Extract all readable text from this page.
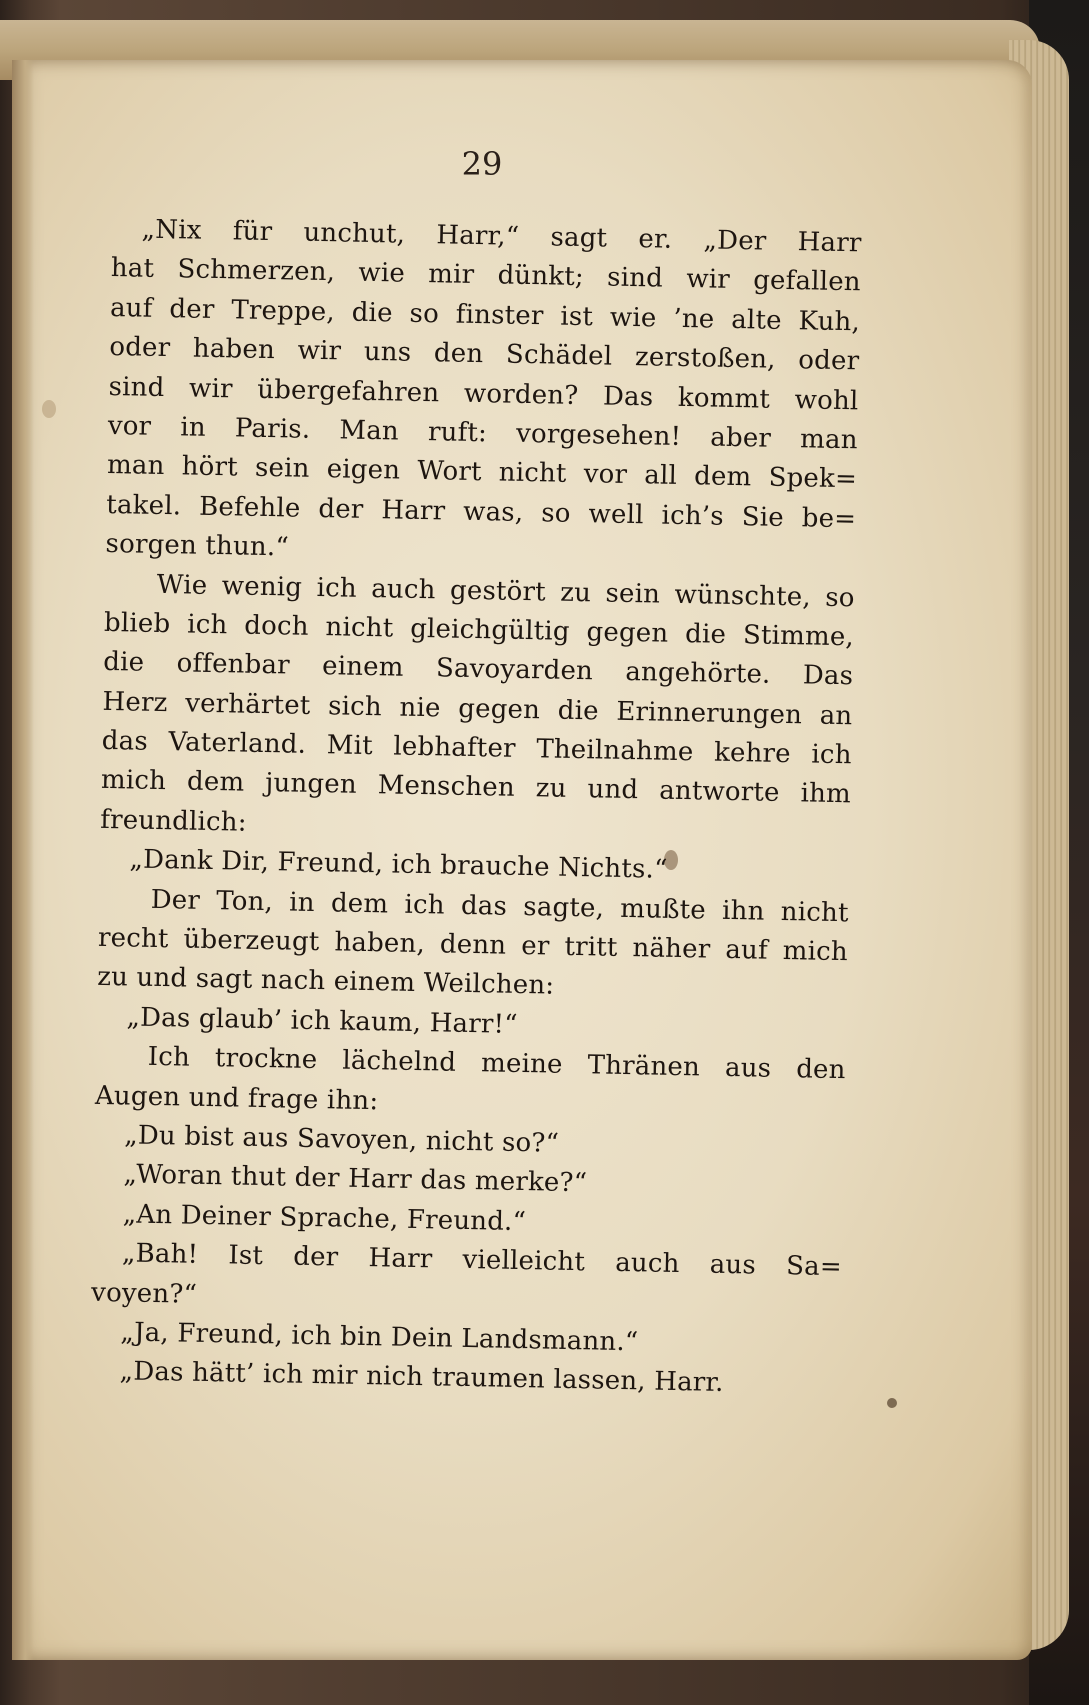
29
„Nix für unchut, Harr,“ sagt er. „Der Harr
hat Schmerzen, wie mir dünkt; sind wir gefallen
auf der Treppe, die so finster ist wie ’ne alte Kuh,
oder haben wir uns den Schädel zerstoßen, oder
sind wir übergefahren worden? Das kommt wohl
vor in Paris. Man ruft: vorgesehen! aber man
man hört sein eigen Wort nicht vor all dem Spek=
takel. Befehle der Harr was, so well ich’s Sie be=
sorgen thun.“
Wie wenig ich auch gestört zu sein wünschte, so
blieb ich doch nicht gleichgültig gegen die Stimme,
die offenbar einem Savoyarden angehörte. Das
Herz verhärtet sich nie gegen die Erinnerungen an
das Vaterland. Mit lebhafter Theilnahme kehre ich
mich dem jungen Menschen zu und antworte ihm
freundlich:
„Dank Dir, Freund, ich brauche Nichts.“
Der Ton, in dem ich das sagte, mußte ihn nicht
recht überzeugt haben, denn er tritt näher auf mich
zu und sagt nach einem Weilchen:
„Das glaub’ ich kaum, Harr!“
Ich trockne lächelnd meine Thränen aus den
Augen und frage ihn:
„Du bist aus Savoyen, nicht so?“
„Woran thut der Harr das merke?“
„An Deiner Sprache, Freund.“
„Bah! Ist der Harr vielleicht auch aus Sa=
voyen?“
„Ja, Freund, ich bin Dein Landsmann.“
„Das hätt’ ich mir nich traumen lassen, Harr.
